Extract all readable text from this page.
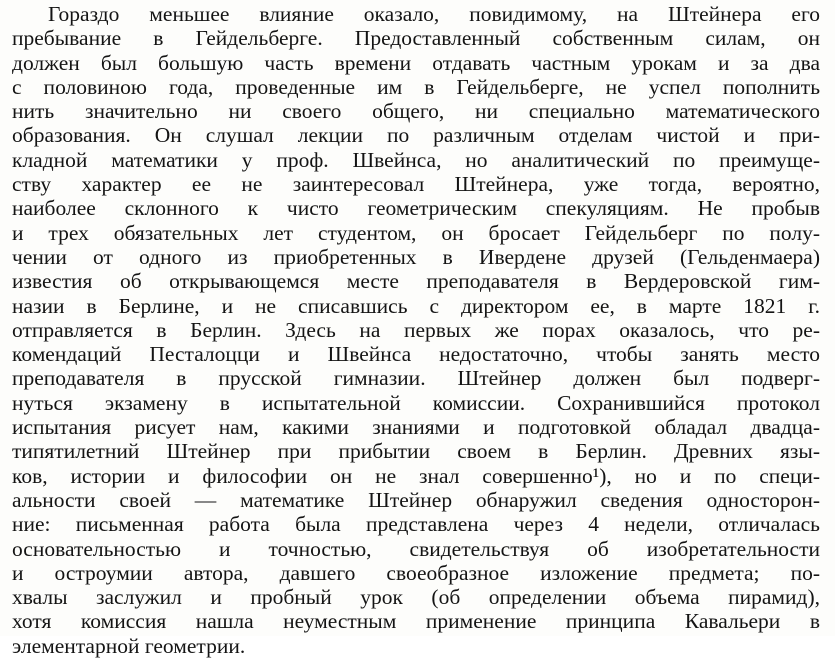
Гораздо меньшее влияние оказало, повидимому, на Штейнера его
пребывание в Гейдельберге. Предоставленный собственным силам, он
должен был большую часть времени отдавать частным урокам и за два
с половиною года, проведенные им в Гейдельберге, не успел пополнить
нить значительно ни своего общего, ни специально математического
образования. Он слушал лекции по различным отделам чистой и при-
кладной математики у проф. Швейнса, но аналитический по преимуще-
ству характер ее не заинтересовал Штейнера, уже тогда, вероятно,
наиболее склонного к чисто геометрическим спекуляциям. Не пробыв
и трех обязательных лет студентом, он бросает Гейдельберг по полу-
чении от одного из приобретенных в Ивердене друзей (Гельденмаера)
известия об открывающемся месте преподавателя в Вердеровской гим-
назии в Берлине, и не списавшись с директором ее, в марте 1821 г.
отправляется в Берлин. Здесь на первых же порах оказалось, что ре-
комендаций Песталоцци и Швейнса недостаточно, чтобы занять место
преподавателя в прусской гимназии. Штейнер должен был подверг-
нуться экзамену в испытательной комиссии. Сохранившийся протокол
испытания рисует нам, какими знаниями и подготовкой обладал двадца-
типятилетний Штейнер при прибытии своем в Берлин. Древних язы-
ков, истории и философии он не знал совершенно¹), но и по специ-
альности своей — математике Штейнер обнаружил сведения односторон-
ние: письменная работа была представлена через 4 недели, отличалась
основательностью и точностью, свидетельствуя об изобретательности
и остроумии автора, давшего своеобразное изложение предмета; по-
хвалы заслужил и пробный урок (об определении объема пирамид),
хотя комиссия нашла неуместным применение принципа Кавальери в
элементарной геометрии.
